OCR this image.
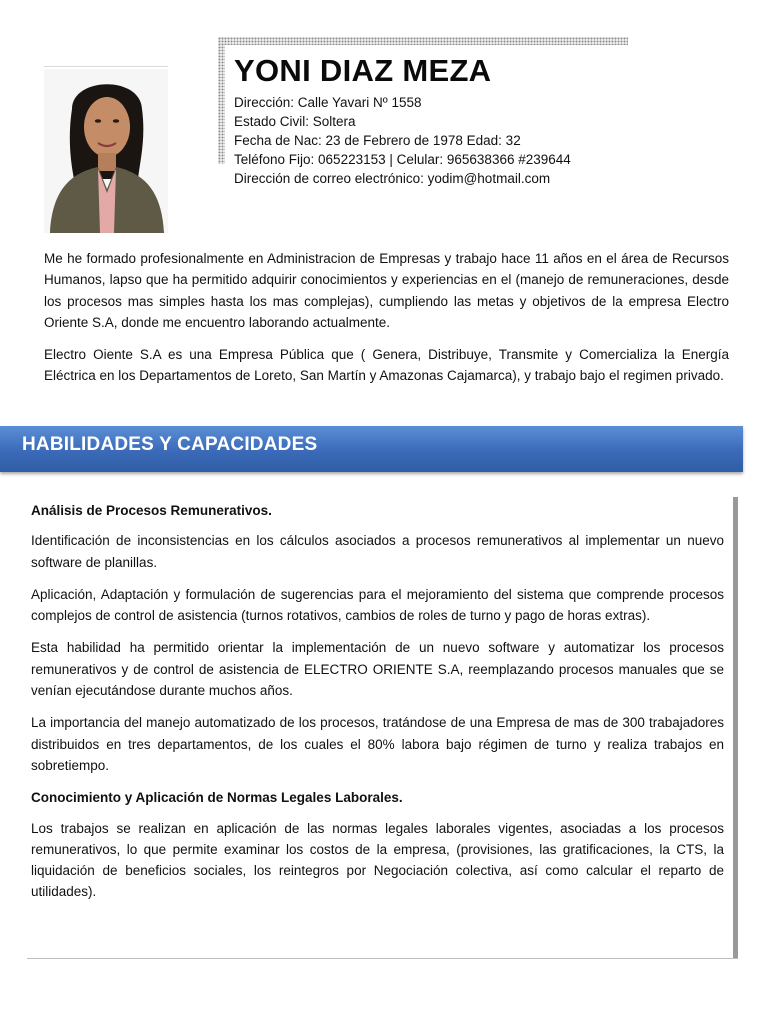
YONI DIAZ MEZA
Dirección: Calle Yavari Nº 1558
Estado Civil: Soltera
Fecha de Nac: 23 de Febrero de 1978 Edad: 32
Teléfono Fijo: 065223153 | Celular: 965638366 #239644
Dirección de correo electrónico: yodim@hotmail.com

Me he formado profesionalmente en Administracion de Empresas y trabajo hace 11 años en el área de Recursos Humanos, lapso que ha permitido adquirir conocimientos y experiencias en el (manejo de remuneraciones, desde los procesos mas simples hasta los mas complejas), cumpliendo las metas y objetivos de la empresa Electro Oriente S.A, donde me encuentro laborando actualmente.

Electro Oiente S.A es una Empresa Pública que ( Genera, Distribuye, Transmite y Comercializa la Energía Eléctrica en los Departamentos de Loreto, San Martín y Amazonas Cajamarca), y trabajo bajo el regimen privado.

HABILIDADES Y CAPACIDADES

Análisis de Procesos Remunerativos.

Identificación de inconsistencias en los cálculos asociados a procesos remunerativos al implementar un nuevo software de planillas.

Aplicación, Adaptación y formulación de sugerencias para el mejoramiento del sistema que comprende procesos complejos de control de asistencia (turnos rotativos, cambios de roles de turno y pago de horas extras).

Esta habilidad ha permitido orientar la implementación de un nuevo software y automatizar los procesos remunerativos y de control de asistencia de ELECTRO ORIENTE S.A, reemplazando procesos manuales que se venían ejecutándose durante muchos años.

La importancia del manejo automatizado de los procesos, tratándose de una Empresa de mas de 300 trabajadores distribuidos en tres departamentos, de los cuales el 80% labora bajo régimen de turno y realiza trabajos en sobretiempo.

Conocimiento y Aplicación de Normas Legales Laborales.

Los trabajos se realizan en aplicación de las normas legales laborales vigentes, asociadas a los procesos remunerativos, lo que permite examinar los costos de la empresa, (provisiones, las gratificaciones, la CTS, la liquidación de beneficios sociales, los reintegros por Negociación colectiva, así como calcular el reparto de utilidades).
